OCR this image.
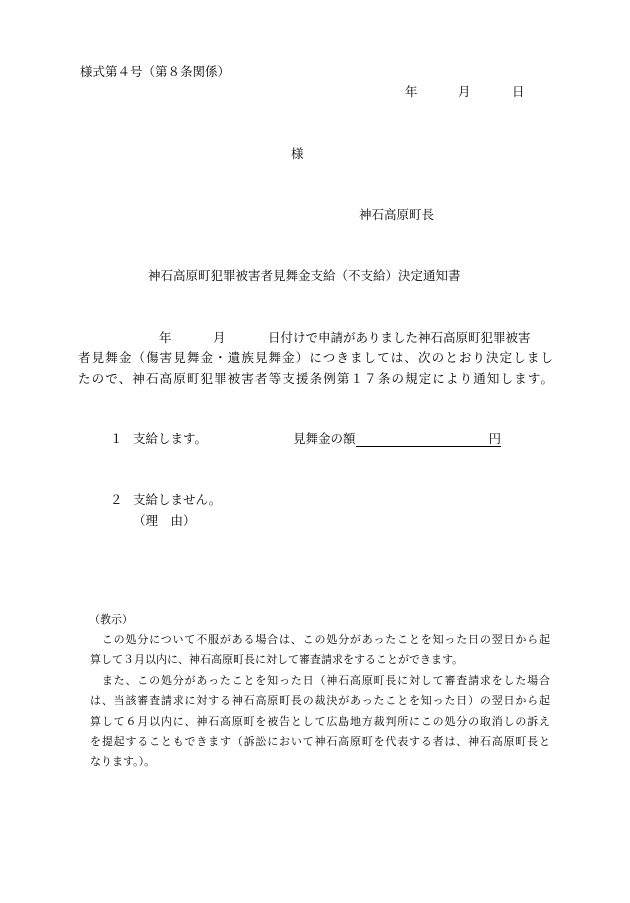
様式第４号（第８条関係）
年	月	日
様
神石高原町長
神石高原町犯罪被害者見舞金支給（不支給）決定通知書
年	月	日付けで申請がありました神石高原町犯罪被害
者見舞金（傷害見舞金・遺族見舞金）につきましては、次のとおり決定しまし
たので、神石高原町犯罪被害者等支援条例第１７条の規定により通知します。
１ 支給します。	見舞金の額	円
２ 支給しません。
（理　由）
（教示）
　この処分について不服がある場合は、この処分があったことを知った日の翌日から起
算して３月以内に、神石高原町長に対して審査請求をすることができます。
　また、この処分があったことを知った日（神石高原町長に対して審査請求をした場合
は、当該審査請求に対する神石高原町長の裁決があったことを知った日）の翌日から起
算して６月以内に、神石高原町を被告として広島地方裁判所にこの処分の取消しの訴え
を提起することもできます（訴訟において神石高原町を代表する者は、神石高原町長と
なります。）。
